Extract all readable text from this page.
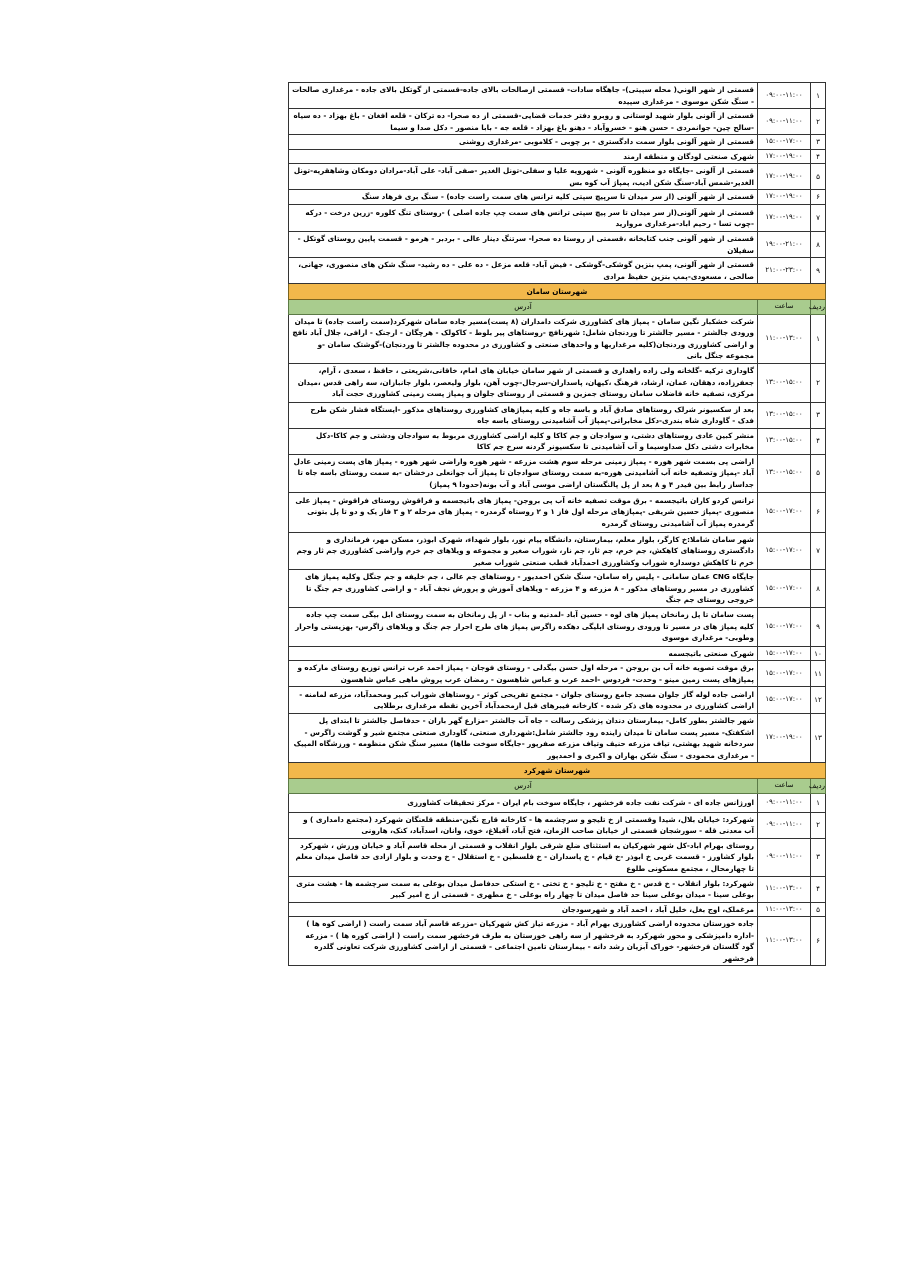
۱	۰۹:۰۰-۱۱:۰۰	قسمتی از شهر الوني( محله سپیتی)- جاهگاه سادات- قسمتی ازصالحات بالای جاده-قسمتی از گوتکل بالای جاده - مرغداری صالحات - سنگ شکن موسوی - مرغداری سپیده
۲	۰۹:۰۰-۱۱:۰۰	قسمتی از آلونی بلوار شهید لوستانی و روبرو دفتر خدمات قضایی-قسمتی از ده صحرا- ده ترکان - قلعه افغان - باغ بهزاد - ده سیاه -سالح چین- جوانمردی - حسن هنو - خسروآباد - دهنو باغ بهزاد - قلعه جه - بابا منصور - دکل صدا و سیما
۳	۱۵:۰۰-۱۷:۰۰	قسمتی از شهر آلونی بلوار سمت دادگستری - بر چوبی - کلاموبی -مرغداری روشنی
۴	۱۷:۰۰-۱۹:۰۰	شهرک صنعتی لودگان و منطقه ارمند
۵	۱۷:۰۰-۱۹:۰۰	قسمتی از آلونی -جایگاه دو منظوره آلونی - شهرویه علیا و سفلی-تونل الغدیر -صفی آباد- علی آباد-مرادان دومکان وشاهقریه-تونل الغدیر-شمس آباد-سنگ شکن ادیب، پمپاژ آب کوه بس
۶	۱۷:۰۰-۱۹:۰۰	قسمتی از شهر آلونی (از سر میدان تا سرپیچ سپتی کلیه ترانس های سمت راست جاده) - سنگ بری فرهاد سنگ
۷	۱۷:۰۰-۱۹:۰۰	قسمتی از شهر آلونی(از سر میدان تا سر پیچ سپتی ترانس های سمت چپ جاده اصلی ) -روستای تنگ کلوره -زرین درخت - درکه -چوب تسا - رحیم اباد-مرغداری مروارید
۸	۱۹:۰۰-۲۱:۰۰	قسمتی از شهر آلونی جنب کتابخانه ،قسمتی از روستا ده صحرا- سرتنگ دینار عالی - بردبر - هرمو - قسمت پایین روستای گوتکل - سفیلان
۹	۲۱:۰۰-۲۳:۰۰	قسمتی از شهر آلونی، پمپ بنزین گوشکی-گوشکی - فیض آباد- قلعه مزعل - ده علی - ده رشید- سنگ شکن های منصوری، جهانی، صالحی ، مسعودی-پمپ بنزین حفیظ مرادی
شهرستان سامان		
ردیف	ساعت	آدرس
۱	۱۱:۰۰-۱۳:۰۰	شرکت خشکبار نگین سامان - پمپاژ های کشاورزی شرکت دامداران (۸ پست)مسیر جاده سامان شهرکرد(سمت راست جاده) تا میدان ورودی جالشتر - مسیر جالشتر تا وردنجان شامل: شهرنافچ -روستاهای پیر بلوط - کاکولک - هرچگان - ارجنک - ارافی، جلال آباد نافچ و اراضی کشاورزی وردنجان(کلیه مرغداریها و واحدهای صنعتی و کشاورزی در محدوده جالشتر تا وردنجان)-گوشتک سامان -و مجموعه جنگل بانی
۲	۱۳:۰۰-۱۵:۰۰	گاوداری ترکیه -گلخانه ولی زاده راهداری و قسمتی از شهر سامان خیابان های امام، خاقانی،شریعتی ، حافظ ، سعدی ، آرام، جعفرزاده، دهقان، عمان، ارشاد، فرهنگ ،کیهان، پاسداران-سرجال-چوب آهن، بلوار ولیعصر، بلوار جانبازان، سه راهی قدس ،میدان مرکزی، تصفیه خانه فاضلاب سامان روستای جمزین و قسمتی از روستای جلوان و پمپاژ پست زمینی کشاورزی حجت آباد
۳	۱۳:۰۰-۱۵:۰۰	بعد از سکسیونر شرلک روستاهای صادق آباد و باسه جاه و کلیه پمپاژهای کشاورزی روستاهای مذکور -ایستگاه فشار شکن طرح فدک - گاوداری شاه بندری-دکل مخابراتی-پمپاژ آب آشامیدنی روستای باسه جاه
۴	۱۳:۰۰-۱۵:۰۰	منشر کبین عادی روستاهای دشتی، و سوادجان و جم کاکا و کلیه اراضی کشاورزی مربوط به سوادجان ودشتی و جم کاکا-دکل مخابرات دشتی دکل صداوسیما و آب آشامیدنی تا سکسیونر گردنه سرخ جم کاکا
۵	۱۳:۰۰-۱۵:۰۰	اراضی پی بسمت شهر هوره - پمپاژ زمینی مرحله سوم هشت مزرعه - شهر هوره واراضی شهر هوره - پمپاژ های پست زمینی عادل آباد -پمپاژ وتصفیه خانه آب آشامیدنی هوره-به سمت روستای سوادجان تا پمپاژ آب جوانعلی درخشان -به سمت روستای باسه جاه تا جداساز رابط بین فیدر ۴ و ۸ بعد از پل پالنگستان اراضی موسی آباد و آب بونه(حدودا ۹ پمپاژ)
۶	۱۵:۰۰-۱۷:۰۰	ترانس کردو کاران باتیجسمه - برق موقت تصفیه خانه آب پی بروجن- پمپاژ های باتیجسمه و فراقوش روستای فراقوش - پمپاژ علی منصوری -پمپاژ حسین شریفی -پمپاژهای مرحله اول فاز ۱ و ۲ روستاه گرمدره - پمپاژ های مرحله ۲ و ۳ فاز یک و دو تا پل بتونی گرمدره پمپاژ آب آشامیدنی روستای گرمدره
۷	۱۵:۰۰-۱۷:۰۰	شهر سامان شاملا:خ کارگر، بلوار معلم، بیمارستان، دانشگاه پیام نور، بلوار شهداء، شهرک ابوذر، مسکن مهر، فرمانداری و دادگستری روستاهای کاهکش، جم خرم، جم ثار، جم نار، شوراب صغیر و مجموعه و ویلاهای جم خرم واراضی کشاورزی جم ثار وجم خرم تا کاهکش دوسداره شوراب وکشاورزی احمدآباد قطب صنعتی شوراب صغیر
۸	۱۵:۰۰-۱۷:۰۰	جایگاه CNG عمان سامانی - پلیس راه سامان- سنگ شکن احمدیور - روستاهای جم عالی ، جم خلیفه و جم جنگل وکلیه پمپاژ های کشاورزی در مسیر روستاهای مذکور - ۸ مزرعه و ۴ مزرعه - ویلاهای آموزش و پرورش نجف آباد - و اراضی کشاورزی جم جنگ تا خروجی روستای جم جنگ
۹	۱۵:۰۰-۱۷:۰۰	پست سامان تا پل زمانخان پمپاژ های لوه - حسین آباد -لمدنیه و بناب - از پل زمانخان به سمت روستای ابل بیگی سمت چپ جاده کلیه پمپاژ های در مسیر تا ورودی روستای ابلیگی دهکده زاگرس پمپاژ های طرح احرار جم جنگ و ویلاهای زاگرس- بهزیستی واحرار وطوبی- مرغداری موسوی
۱۰	۱۵:۰۰-۱۷:۰۰	شهرک صنعتی باتیجسمه
۱۱	۱۵:۰۰-۱۷:۰۰	برق موقت تصویه خانه آب بن بروجن - مرحله اول حسن بیگدلی - روستای فوجان - پمپاژ احمد عرب ترانس توزیع روستای مارکده و پمپاژهای پست زمین مینو - وحدت- فردوس -احمد عرب و عباس شاهسون - رمضان عرب پروش ماهی عباس شاهسون
۱۲	۱۵:۰۰-۱۷:۰۰	اراضی جاده لوله گاز جلوان مسجد جامع روستای جلوان - مجتمع تفریحی کوثر - روستاهای شوراب کبیر ومحمدآباد، مزرعه لمامنه - اراضی کشاورزی در محدوده های ذکر شده - کارخانه فیبرهای قبل ازمحمدآباد آخرین نقطه مرغداری برطلایی
۱۳	۱۷:۰۰-۱۹:۰۰	شهر جالشتر بطور کامل- بیمارستان دندان پزشکی رسالت - جاه آب جالشتر -مزارع گهر باران - حدفاصل جالشتر تا ابتدای پل اشکفتک- مسیر پست سامان تا میدان زاینده رود جالشتر شامل:شهرداری صنعتی، گاوداری صنعتی مجتمع شیر و گوشت زاگرس - سردخانه شهید بهشتی، تیاف مزرعه حنیف وتیاف مزرعه صفرپور -جایگاه سوخت طاها) مسیر سنگ شکن منظومه - ورزشگاه المپیک - مرغداری محمودی - سنگ شکن بهاران و اکبری و احمدپور
شهرستان شهرکرد		
ردیف	ساعت	آدرس
۱	۰۹:۰۰-۱۱:۰۰	اورژانس جاده ای - شرکت نفت جاده فرخشهر ، جایگاه سوخت بام ایران - مرکز تحقیقات کشاورزی
۲	۰۹:۰۰-۱۱:۰۰	شهرکرد: خیابان بلال، شیدا وقسمتی از خ تلیجو و سرچشمه ها - کارخانه قارچ نگین-منطقه قلعنگان شهرکرد (مجتمع دامداری ) و آب معدنی قله - سورشجان قسمتی از خیابان صاحب الزمان، فتح آباد، آقبلاغ، خوی، وانان، اسدآباد، کنک، هارونی
۳	۰۹:۰۰-۱۱:۰۰	روستای بهرام اباد-کل شهر شهرکیان به استثنای ضلع شرقی بلوار انقلاب و قسمتی از محله قاسم آباد و خیابان ورزش ، شهرکرد بلوار کشاورز - قسمت غربی خ ابوذر -خ قیام - خ پاسداران - خ فلسطین - خ استقلال - خ وحدت و بلوار ازادی حد فاصل میدان معلم تا چهارمحال ، مجتمع مسکونی طلوع
۴	۱۱:۰۰-۱۳:۰۰	شهرکرد: بلوار انقلاب - خ قدس - خ مفتح - خ تلیجو - خ تختی - خ استکی حدفاصل میدان بوعلی به سمت سرچشمه ها - هشت متری بوعلی سینا - میدان بوعلی سینا حد فاصل میدان تا چهار راه بوعلی - خ مطهری - قسمتی از خ امیر کبیر
۵	۱۱:۰۰-۱۳:۰۰	مرغملک، اوج بغل، خلیل آباد ، احمد آباد و شهرسودجان
۶	۱۱:۰۰-۱۳:۰۰	جاده خوزستان محدوده اراضی کشاورزی بهرام آباد - مزرعه تیاز کش شهرکیان -مزرعه قاسم آباد سمت راست ( اراضی کوه ها ) -اداره دامپزشکی و محور شهرکرد به فرخشهر از سه راهی خوزستان به طرف فرخشهر سمت راست ( اراضی کوره ها ) - مزرعه گود گلستان فرخشهر- خوراک آبزیان رشد دانه - بیمارستان تامین اجتماعی - قسمتی از اراضی کشاورزی شرکت تعاونی گلدره فرخشهر
